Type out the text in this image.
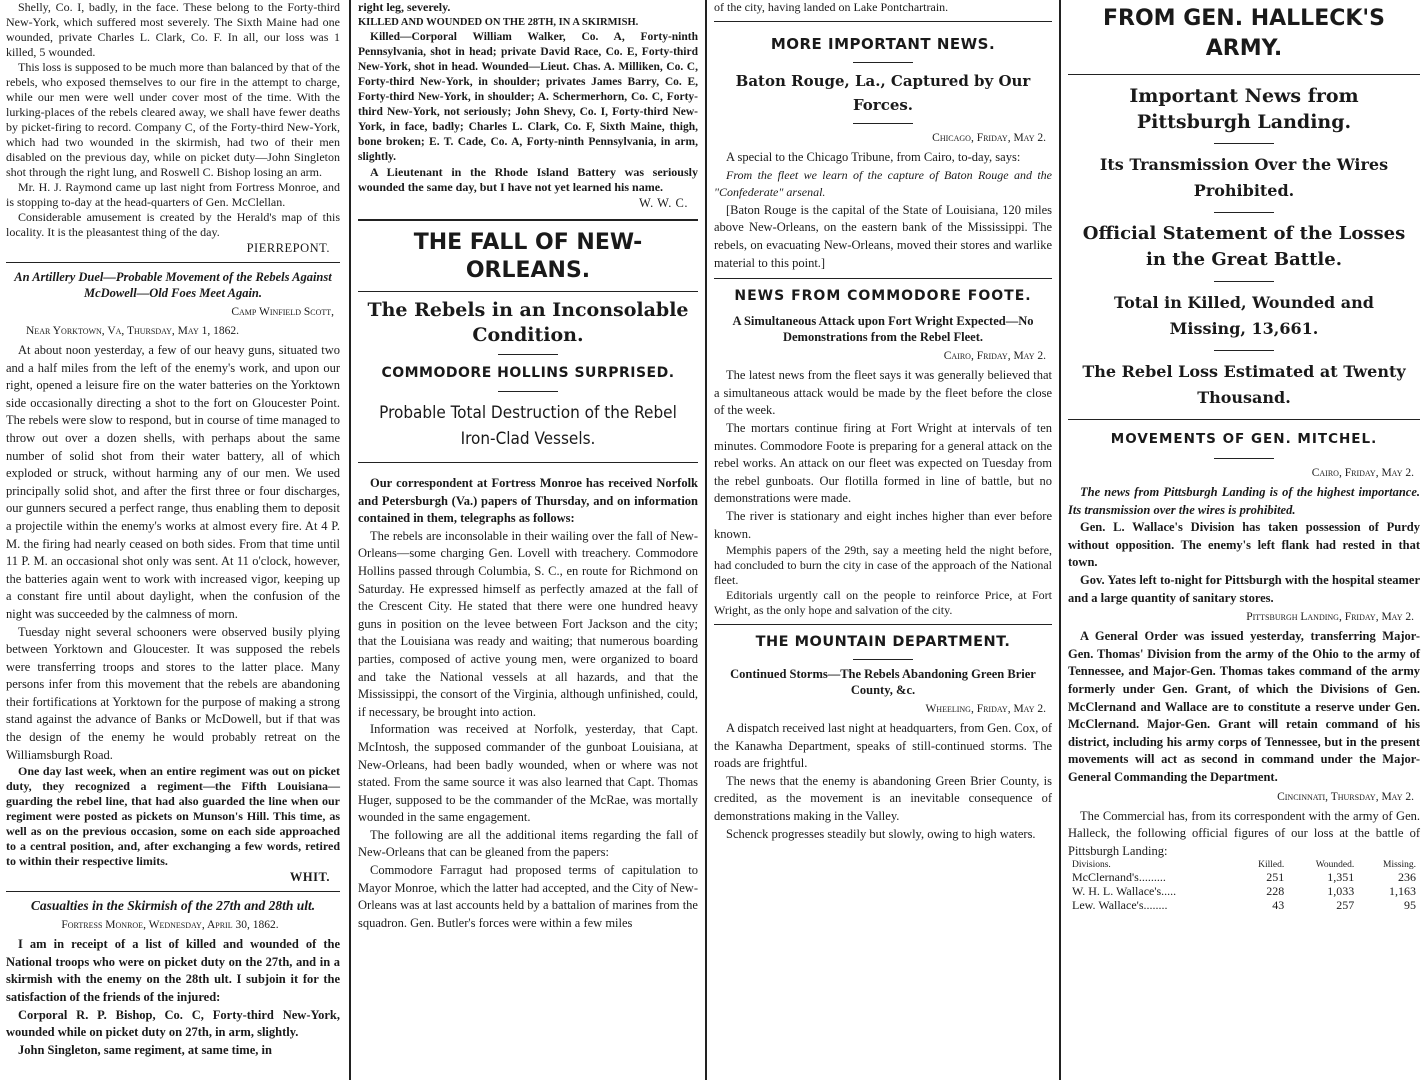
Shelly, Co. I, badly, in the face. These belong to the Forty-third New-York, which suffered most severely. The Sixth Maine had one wounded, private Charles L. Clark, Co. F. In all, our loss was 1 killed, 5 wounded.

This loss is supposed to be much more than balanced by that of the rebels, who exposed themselves to our fire in the attempt to charge, while our men were well under cover most of the time. With the lurking-places of the rebels cleared away, we shall have fewer deaths by picket-firing to record. Company C, of the Forty-third New-York, which had two wounded in the skirmish, had two of their men disabled on the previous day, while on picket duty—John Singleton shot through the right lung, and Roswell C. Bishop losing an arm.

Mr. H. J. Raymond came up last night from Fortress Monroe, and is stopping to-day at the head-quarters of Gen. McClellan.

Considerable amusement is created by the Herald's map of this locality. It is the pleasantest thing of the day.

PIERREPONT.
An Artillery Duel—Probable Movement of the Rebels Against McDowell—Old Foes Meet Again.
Camp Winfield Scott,
Near Yorktown, Va, Thursday, May 1, 1862.

At about noon yesterday, a few of our heavy guns, situated two and a half miles from the left of the enemy's work, and upon our right, opened a leisure fire on the water batteries on the Yorktown side occasionally directing a shot to the fort on Gloucester Point. The rebels were slow to respond, but in course of time managed to throw out over a dozen shells, with perhaps about the same number of solid shot from their water battery, all of which exploded or struck, without harming any of our men. We used principally solid shot, and after the first three or four discharges, our gunners secured a perfect range, thus enabling them to deposit a projectile within the enemy's works at almost every fire. At 4 P. M. the firing had nearly ceased on both sides. From that time until 11 P. M. an occasional shot only was sent. At 11 o'clock, however, the batteries again went to work with increased vigor, keeping up a constant fire until about daylight, when the confusion of the night was succeeded by the calmness of morn.

Tuesday night several schooners were observed busily plying between Yorktown and Gloucester. It was supposed the rebels were transferring troops and stores to the latter place. Many persons infer from this movement that the rebels are abandoning their fortifications at Yorktown for the purpose of making a strong stand against the advance of Banks or McDowell, but if that was the design of the enemy he would probably retreat on the Williamsburgh Road.

One day last week, when an entire regiment was out on picket duty, they recognized a regiment—the Fifth Louisiana—guarding the rebel line, that had also guarded the line when our regiment were posted as pickets on Munson's Hill. This time, as well as on the previous occasion, some on each side approached to a central position, and, after exchanging a few words, retired to within their respective limits.

WHIT.
Casualties in the Skirmish of the 27th and 28th ult.
Fortress Monroe, Wednesday, April 30, 1862.

I am in receipt of a list of killed and wounded of the National troops who were on picket duty on the 27th, and in a skirmish with the enemy on the 28th ult. I subjoin it for the satisfaction of the friends of the injured:

Corporal R. P. Bishop, Co. C, Forty-third New-York, wounded while on picket duty on 27th, in arm, slightly.

John Singleton, same regiment, at same time, in

right leg, severely.

KILLED AND WOUNDED ON THE 28TH, IN A SKIRMISH.

Killed—Corporal William Walker, Co. A, Forty-ninth Pennsylvania, shot in head; private David Race, Co. E, Forty-third New-York, shot in head. Wounded—Lieut. Chas. A. Milliken, Co. C, Forty-third New-York, in shoulder; privates James Barry, Co. E, Forty-third New-York, in shoulder; A. Schermerhorn, Co. C, Forty-third New-York, not seriously; John Shevy, Co. I, Forty-third New-York, in face, badly; Charles L. Clark, Co. F, Sixth Maine, thigh, bone broken; E. T. Cade, Co. A, Forty-ninth Pennsylvania, in arm, slightly.

A Lieutenant in the Rhode Island Battery was seriously wounded the same day, but I have not yet learned his name.

W. W. C.
THE FALL OF NEW-ORLEANS.
The Rebels in an Inconsolable Condition.
COMMODORE HOLLINS SURPRISED.
Probable Total Destruction of the Rebel Iron-Clad Vessels.

Our correspondent at Fortress Monroe has received Norfolk and Petersburgh (Va.) papers of Thursday, and on information contained in them, telegraphs as follows:

The rebels are inconsolable in their wailing over the fall of New-Orleans—some charging Gen. Lovell with treachery. Commodore Hollins passed through Columbia, S. C., en route for Richmond on Saturday. He expressed himself as perfectly amazed at the fall of the Crescent City. He stated that there were one hundred heavy guns in position on the levee between Fort Jackson and the city; that the Louisiana was ready and waiting; that numerous boarding parties, composed of active young men, were organized to board and take the National vessels at all hazards, and that the Mississippi, the consort of the Virginia, although unfinished, could, if necessary, be brought into action.

Information was received at Norfolk, yesterday, that Capt. McIntosh, the supposed commander of the gunboat Louisiana, at New-Orleans, had been badly wounded, when or where was not stated. From the same source it was also learned that Capt. Thomas Huger, supposed to be the commander of the McRae, was mortally wounded in the same engagement.

The following are all the additional items regarding the fall of New-Orleans that can be gleaned from the papers:

Commodore Farragut had proposed terms of capitulation to Mayor Monroe, which the latter had accepted, and the City of New-Orleans was at last accounts held by a battalion of marines from the squadron. Gen. Butler's forces were within a few miles

of the city, having landed on Lake Pontchartrain.

MORE IMPORTANT NEWS.
Baton Rouge, La., Captured by Our Forces.
Chicago, Friday, May 2.

A special to the Chicago Tribune, from Cairo, to-day, says:

From the fleet we learn of the capture of Baton Rouge and the "Confederate" arsenal.

[Baton Rouge is the capital of the State of Louisiana, 120 miles above New-Orleans, on the eastern bank of the Mississippi. The rebels, on evacuating New-Orleans, moved their stores and warlike material to this point.]

NEWS FROM COMMODORE FOOTE.
A Simultaneous Attack upon Fort Wright Expected—No Demonstrations from the Rebel Fleet.
Cairo, Friday, May 2.

The latest news from the fleet says it was generally believed that a simultaneous attack would be made by the fleet before the close of the week.

The mortars continue firing at Fort Wright at intervals of ten minutes. Commodore Foote is preparing for a general attack on the rebel works. An attack on our fleet was expected on Tuesday from the rebel gunboats. Our flotilla formed in line of battle, but no demonstrations were made.

The river is stationary and eight inches higher than ever before known.

Memphis papers of the 29th, say a meeting held the night before, had concluded to burn the city in case of the approach of the National fleet.

Editorials urgently call on the people to reinforce Price, at Fort Wright, as the only hope and salvation of the city.

THE MOUNTAIN DEPARTMENT.
Continued Storms—The Rebels Abandoning Green Brier County, &c.
Wheeling, Friday, May 2.

A dispatch received last night at headquarters, from Gen. Cox, of the Kanawha Department, speaks of still-continued storms. The roads are frightful.

The news that the enemy is abandoning Green Brier County, is credited, as the movement is an inevitable consequence of demonstrations making in the Valley.

Schenck progresses steadily but slowly, owing to high waters.

FROM GEN. HALLECK'S ARMY.
Important News from Pittsburgh Landing.
Its Transmission Over the Wires Prohibited.
Official Statement of the Losses in the Great Battle.
Total in Killed, Wounded and Missing, 13,661.
The Rebel Loss Estimated at Twenty Thousand.
MOVEMENTS OF GEN. MITCHEL.
Cairo, Friday, May 2.

The news from Pittsburgh Landing is of the highest importance. Its transmission over the wires is prohibited.

Gen. L. Wallace's Division has taken possession of Purdy without opposition. The enemy's left flank had rested in that town.

Gov. Yates left to-night for Pittsburgh with the hospital steamer and a large quantity of sanitary stores.

Pittsburgh Landing, Friday, May 2.

A General Order was issued yesterday, transferring Major-Gen. Thomas' Division from the army of the Ohio to the army of Tennessee, and Major-Gen. Thomas takes command of the army formerly under Gen. Grant, of which the Divisions of Gen. McClernand and Wallace are to constitute a reserve under Gen. McClernand. Major-Gen. Grant will retain command of his district, including his army corps of Tennessee, but in the present movements will act as second in command under the Major-General Commanding the Department.

Cincinnati, Thursday, May 2.

The Commercial has, from its correspondent with the army of Gen. Halleck, the following official figures of our loss at the battle of Pittsburgh Landing:

Divisions.	Killed.	Wounded.	Missing.
McClernand's.........	251	1,351	236
W. H. L. Wallace's.....	228	1,033	1,163
Lew. Wallace's........	43	257	95
